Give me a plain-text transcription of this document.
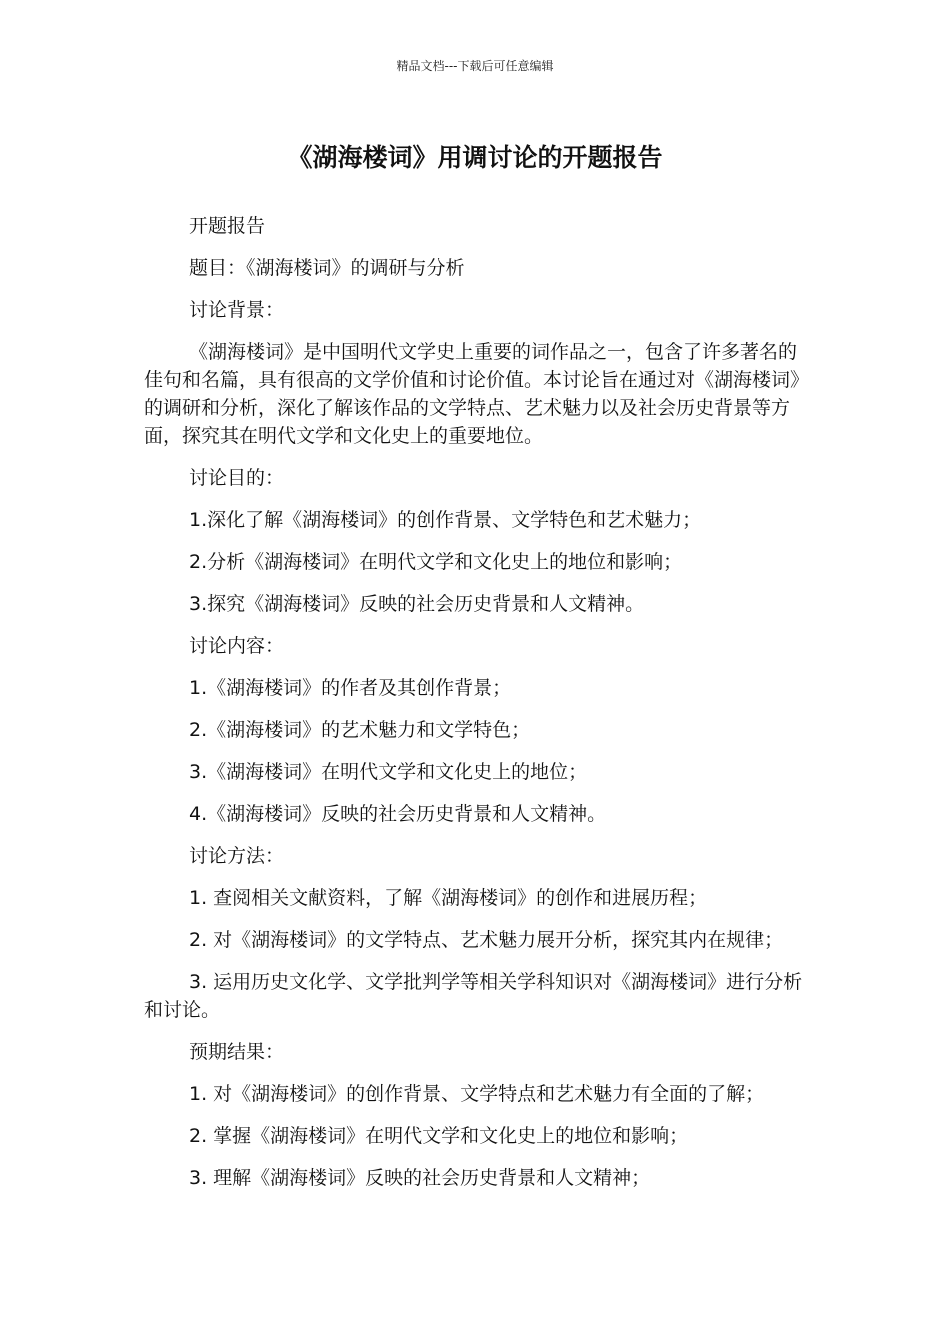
精品文档---下载后可任意编辑
《湖海楼词》用调讨论的开题报告

开题报告

题目：《湖海楼词》的调研与分析

讨论背景：

《湖海楼词》是中国明代文学史上重要的词作品之一，包含了许多著名的佳句和名篇，具有很高的文学价值和讨论价值。本讨论旨在通过对《湖海楼词》的调研和分析，深化了解该作品的文学特点、艺术魅力以及社会历史背景等方面，探究其在明代文学和文化史上的重要地位。

讨论目的：

1.深化了解《湖海楼词》的创作背景、文学特色和艺术魅力；

2.分析《湖海楼词》在明代文学和文化史上的地位和影响；

3.探究《湖海楼词》反映的社会历史背景和人文精神。

讨论内容：

1.《湖海楼词》的作者及其创作背景；

2.《湖海楼词》的艺术魅力和文学特色；

3.《湖海楼词》在明代文学和文化史上的地位；

4.《湖海楼词》反映的社会历史背景和人文精神。

讨论方法：

1. 查阅相关文献资料，了解《湖海楼词》的创作和进展历程；

2. 对《湖海楼词》的文学特点、艺术魅力展开分析，探究其内在规律；

3. 运用历史文化学、文学批判学等相关学科知识对《湖海楼词》进行分析和讨论。

预期结果：

1. 对《湖海楼词》的创作背景、文学特点和艺术魅力有全面的了解；

2. 掌握《湖海楼词》在明代文学和文化史上的地位和影响；

3. 理解《湖海楼词》反映的社会历史背景和人文精神；
